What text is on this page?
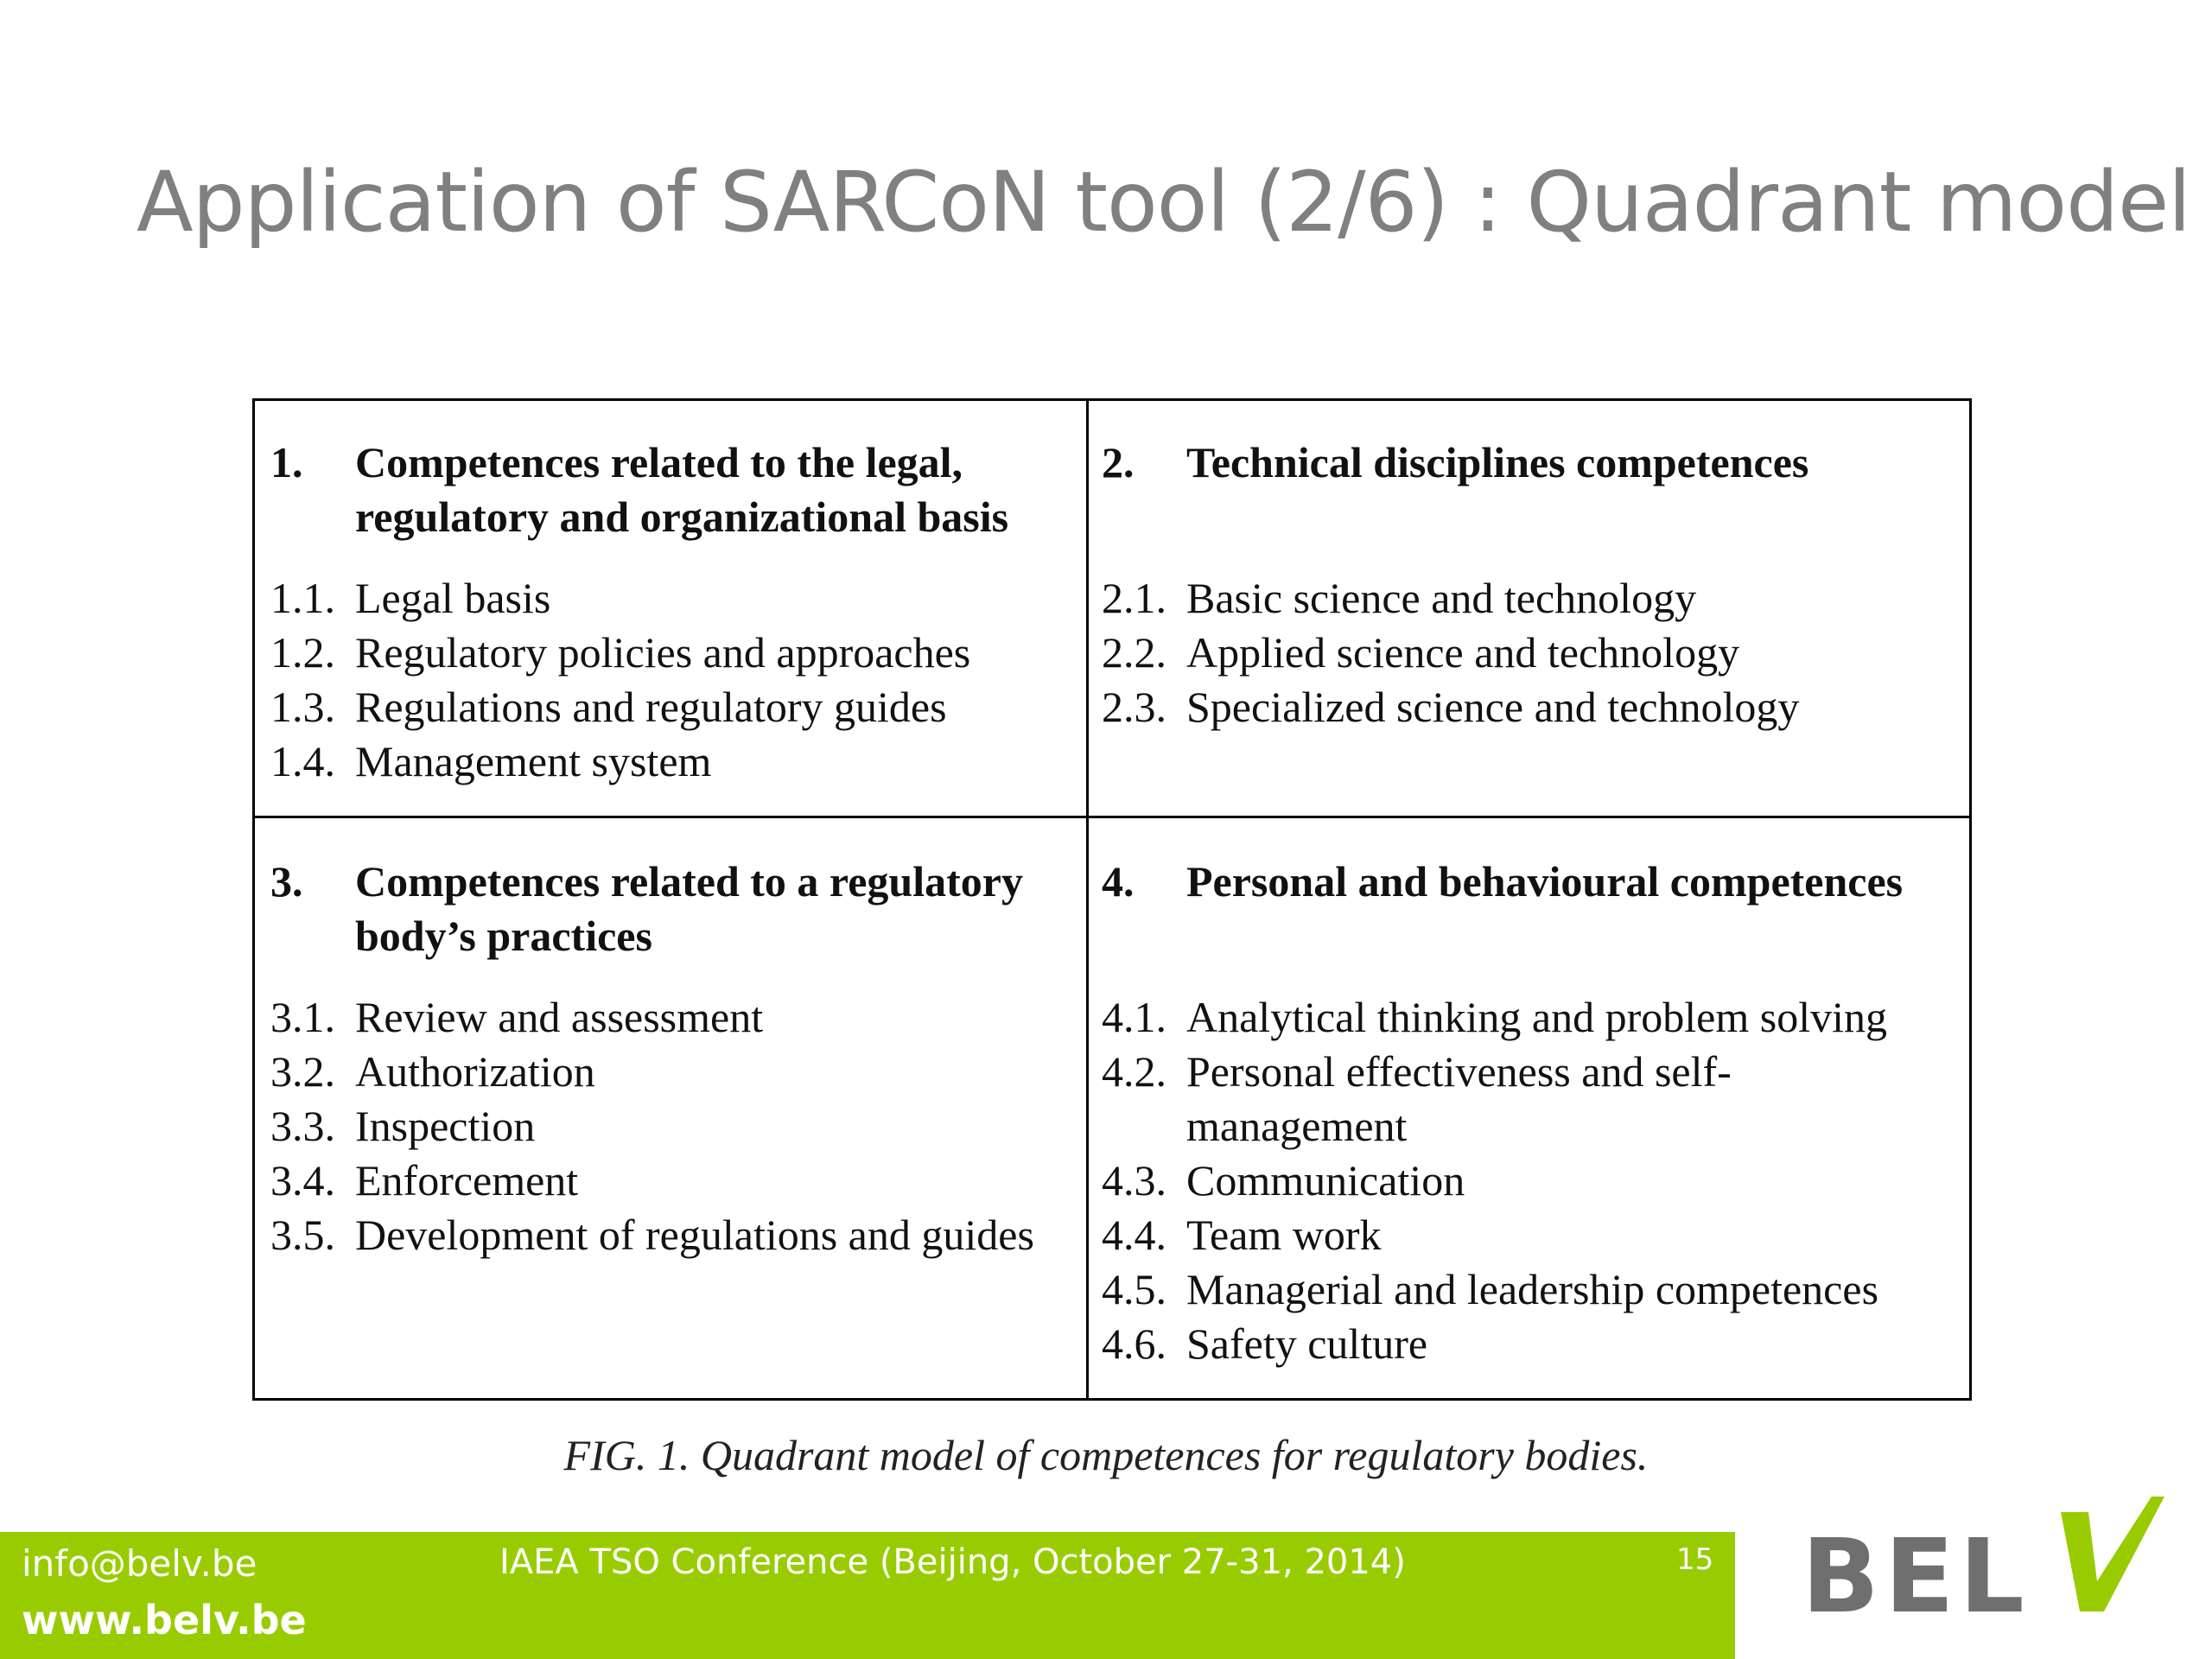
Application of SARCoN tool (2/6) : Quadrant model
1.	Competences related to the legal, regulatory and organizational basis
1.1. Legal basis
1.2. Regulatory policies and approaches
1.3. Regulations and regulatory guides
1.4. Management system
2.	Technical disciplines competences
2.1. Basic science and technology
2.2. Applied science and technology
2.3. Specialized science and technology
3.	Competences related to a regulatory body’s practices
3.1. Review and assessment
3.2. Authorization
3.3. Inspection
3.4. Enforcement
3.5. Development of regulations and guides
4.	Personal and behavioural competences
4.1. Analytical thinking and problem solving
4.2. Personal effectiveness and self-management
4.3. Communication
4.4. Team work
4.5. Managerial and leadership competences
4.6. Safety culture
FIG. 1. Quadrant model of competences for regulatory bodies.
info@belv.be
www.belv.be
IAEA TSO Conference (Beijing, October 27-31, 2014)	15 BEL
